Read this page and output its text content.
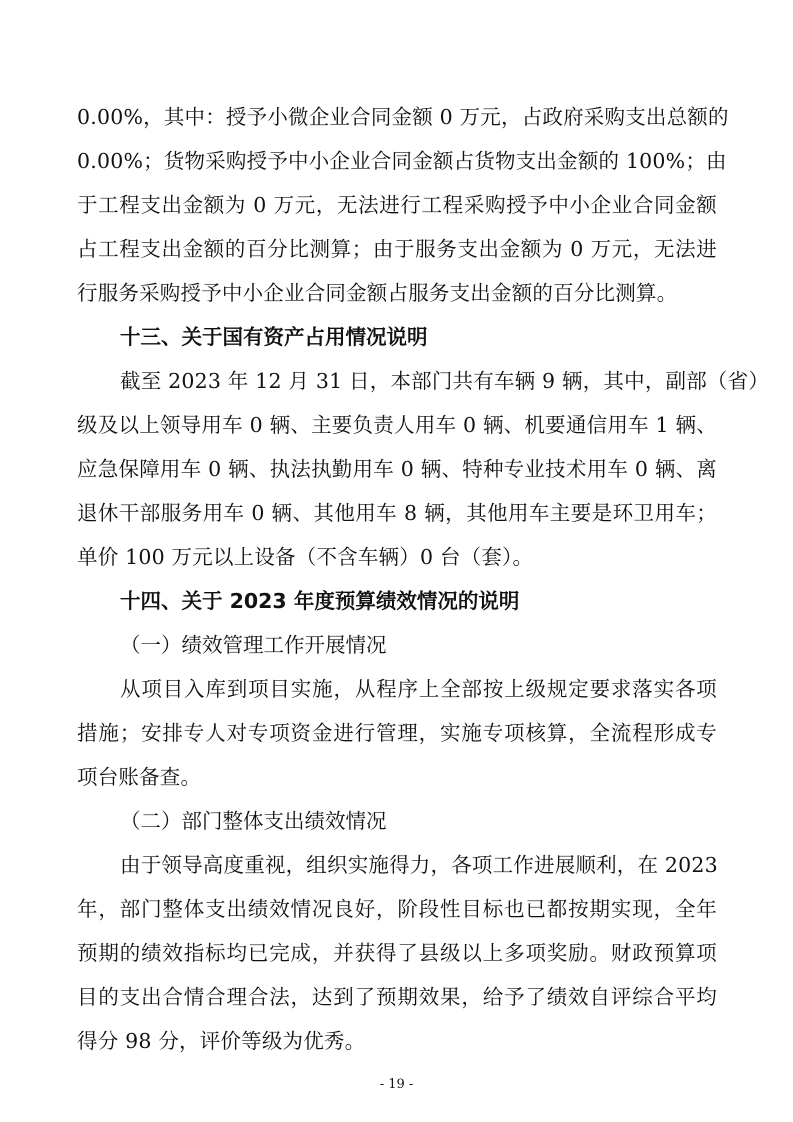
0.00%，其中：授予小微企业合同金额 0 万元，占政府采购支出总额的
0.00%；货物采购授予中小企业合同金额占货物支出金额的 100%；由
于工程支出金额为 0 万元，无法进行工程采购授予中小企业合同金额
占工程支出金额的百分比测算；由于服务支出金额为 0 万元，无法进
行服务采购授予中小企业合同金额占服务支出金额的百分比测算。
十三、关于国有资产占用情况说明
截至 2023 年 12 月 31 日，本部门共有车辆 9 辆，其中，副部（省）
级及以上领导用车 0 辆、主要负责人用车 0 辆、机要通信用车 1 辆、
应急保障用车 0 辆、执法执勤用车 0 辆、特种专业技术用车 0 辆、离
退休干部服务用车 0 辆、其他用车 8 辆，其他用车主要是环卫用车；
单价 100 万元以上设备（不含车辆）0 台（套）。
十四、关于 2023 年度预算绩效情况的说明
（一）绩效管理工作开展情况
从项目入库到项目实施，从程序上全部按上级规定要求落实各项
措施；安排专人对专项资金进行管理，实施专项核算，全流程形成专
项台账备查。
（二）部门整体支出绩效情况
由于领导高度重视，组织实施得力，各项工作进展顺利，在 2023
年，部门整体支出绩效情况良好，阶段性目标也已都按期实现，全年
预期的绩效指标均已完成，并获得了县级以上多项奖励。财政预算项
目的支出合情合理合法，达到了预期效果，给予了绩效自评综合平均
得分 98 分，评价等级为优秀。
- 19 -
